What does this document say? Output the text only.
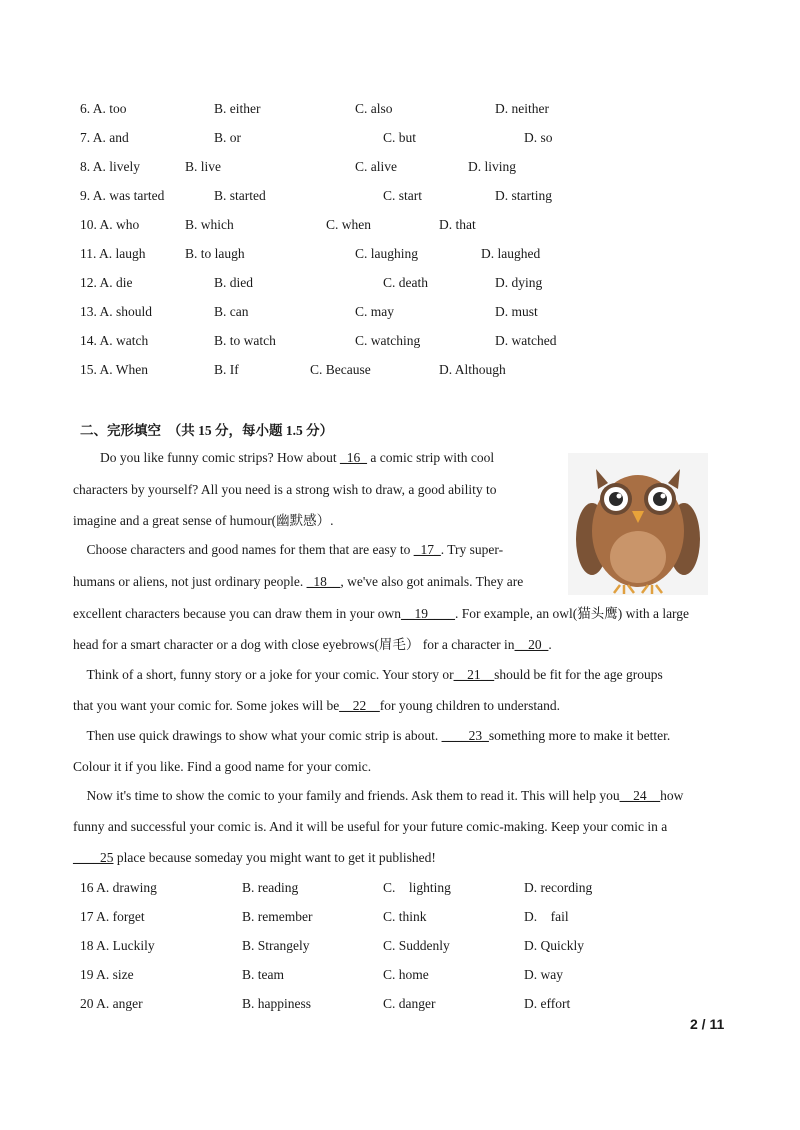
6. A. too	B. either	C. also	D. neither
7. A. and	B. or	C. but	D. so
8. A. lively	B. live	C. alive	D. living
9. A. was tarted	B. started	C. start	D. starting
10. A. who	B. which	C. when	D. that
11. A. laugh	B. to laugh	C. laughing	D. laughed
12. A. die	B. died	C. death	D. dying
13. A. should	B. can	C. may	D. must
14. A. watch	B. to watch	C. watching	D. watched
15. A. When	B. If	C. Because	D. Although
二、完形填空　（共 15 分，每小题 1.5 分）
　　Do you like funny comic strips? How about _16_ a comic strip with cool
characters by yourself? All you need is a strong wish to draw, a good ability to
imagine and a great sense of humour(幽默感）.
　Choose characters and good names for them that are easy to _17_. Try super-
humans or aliens, not just ordinary people. _18__, we've also got animals. They are
excellent characters because you can draw them in your own__19____. For example, an owl(猫头鹰) with a large
head for a smart character or a dog with close eyebrows(眉毛） for a character in__20_.
　Think of a short, funny story or a joke for your comic. Your story or__21__should be fit for the age groups
that you want your comic for. Some jokes will be__22__for young children to understand.
　Then use quick drawings to show what your comic strip is about. ____23_something more to make it better.
Colour it if you like. Find a good name for your comic.
　Now it's time to show the comic to your family and friends. Ask them to read it. This will help you__24__how
funny and successful your comic is. And it will be useful for your future comic-making. Keep your comic in a
____25 place because someday you might want to get it published!
16 A. drawing	B. reading	C.　lighting	D. recording
17 A. forget	B. remember	C. think	D.　fail
18 A. Luckily	B. Strangely	C. Suddenly	D. Quickly
19 A. size	B. team	C. home	D. way
20 A. anger	B. happiness	C. danger	D. effort
2 / 11
